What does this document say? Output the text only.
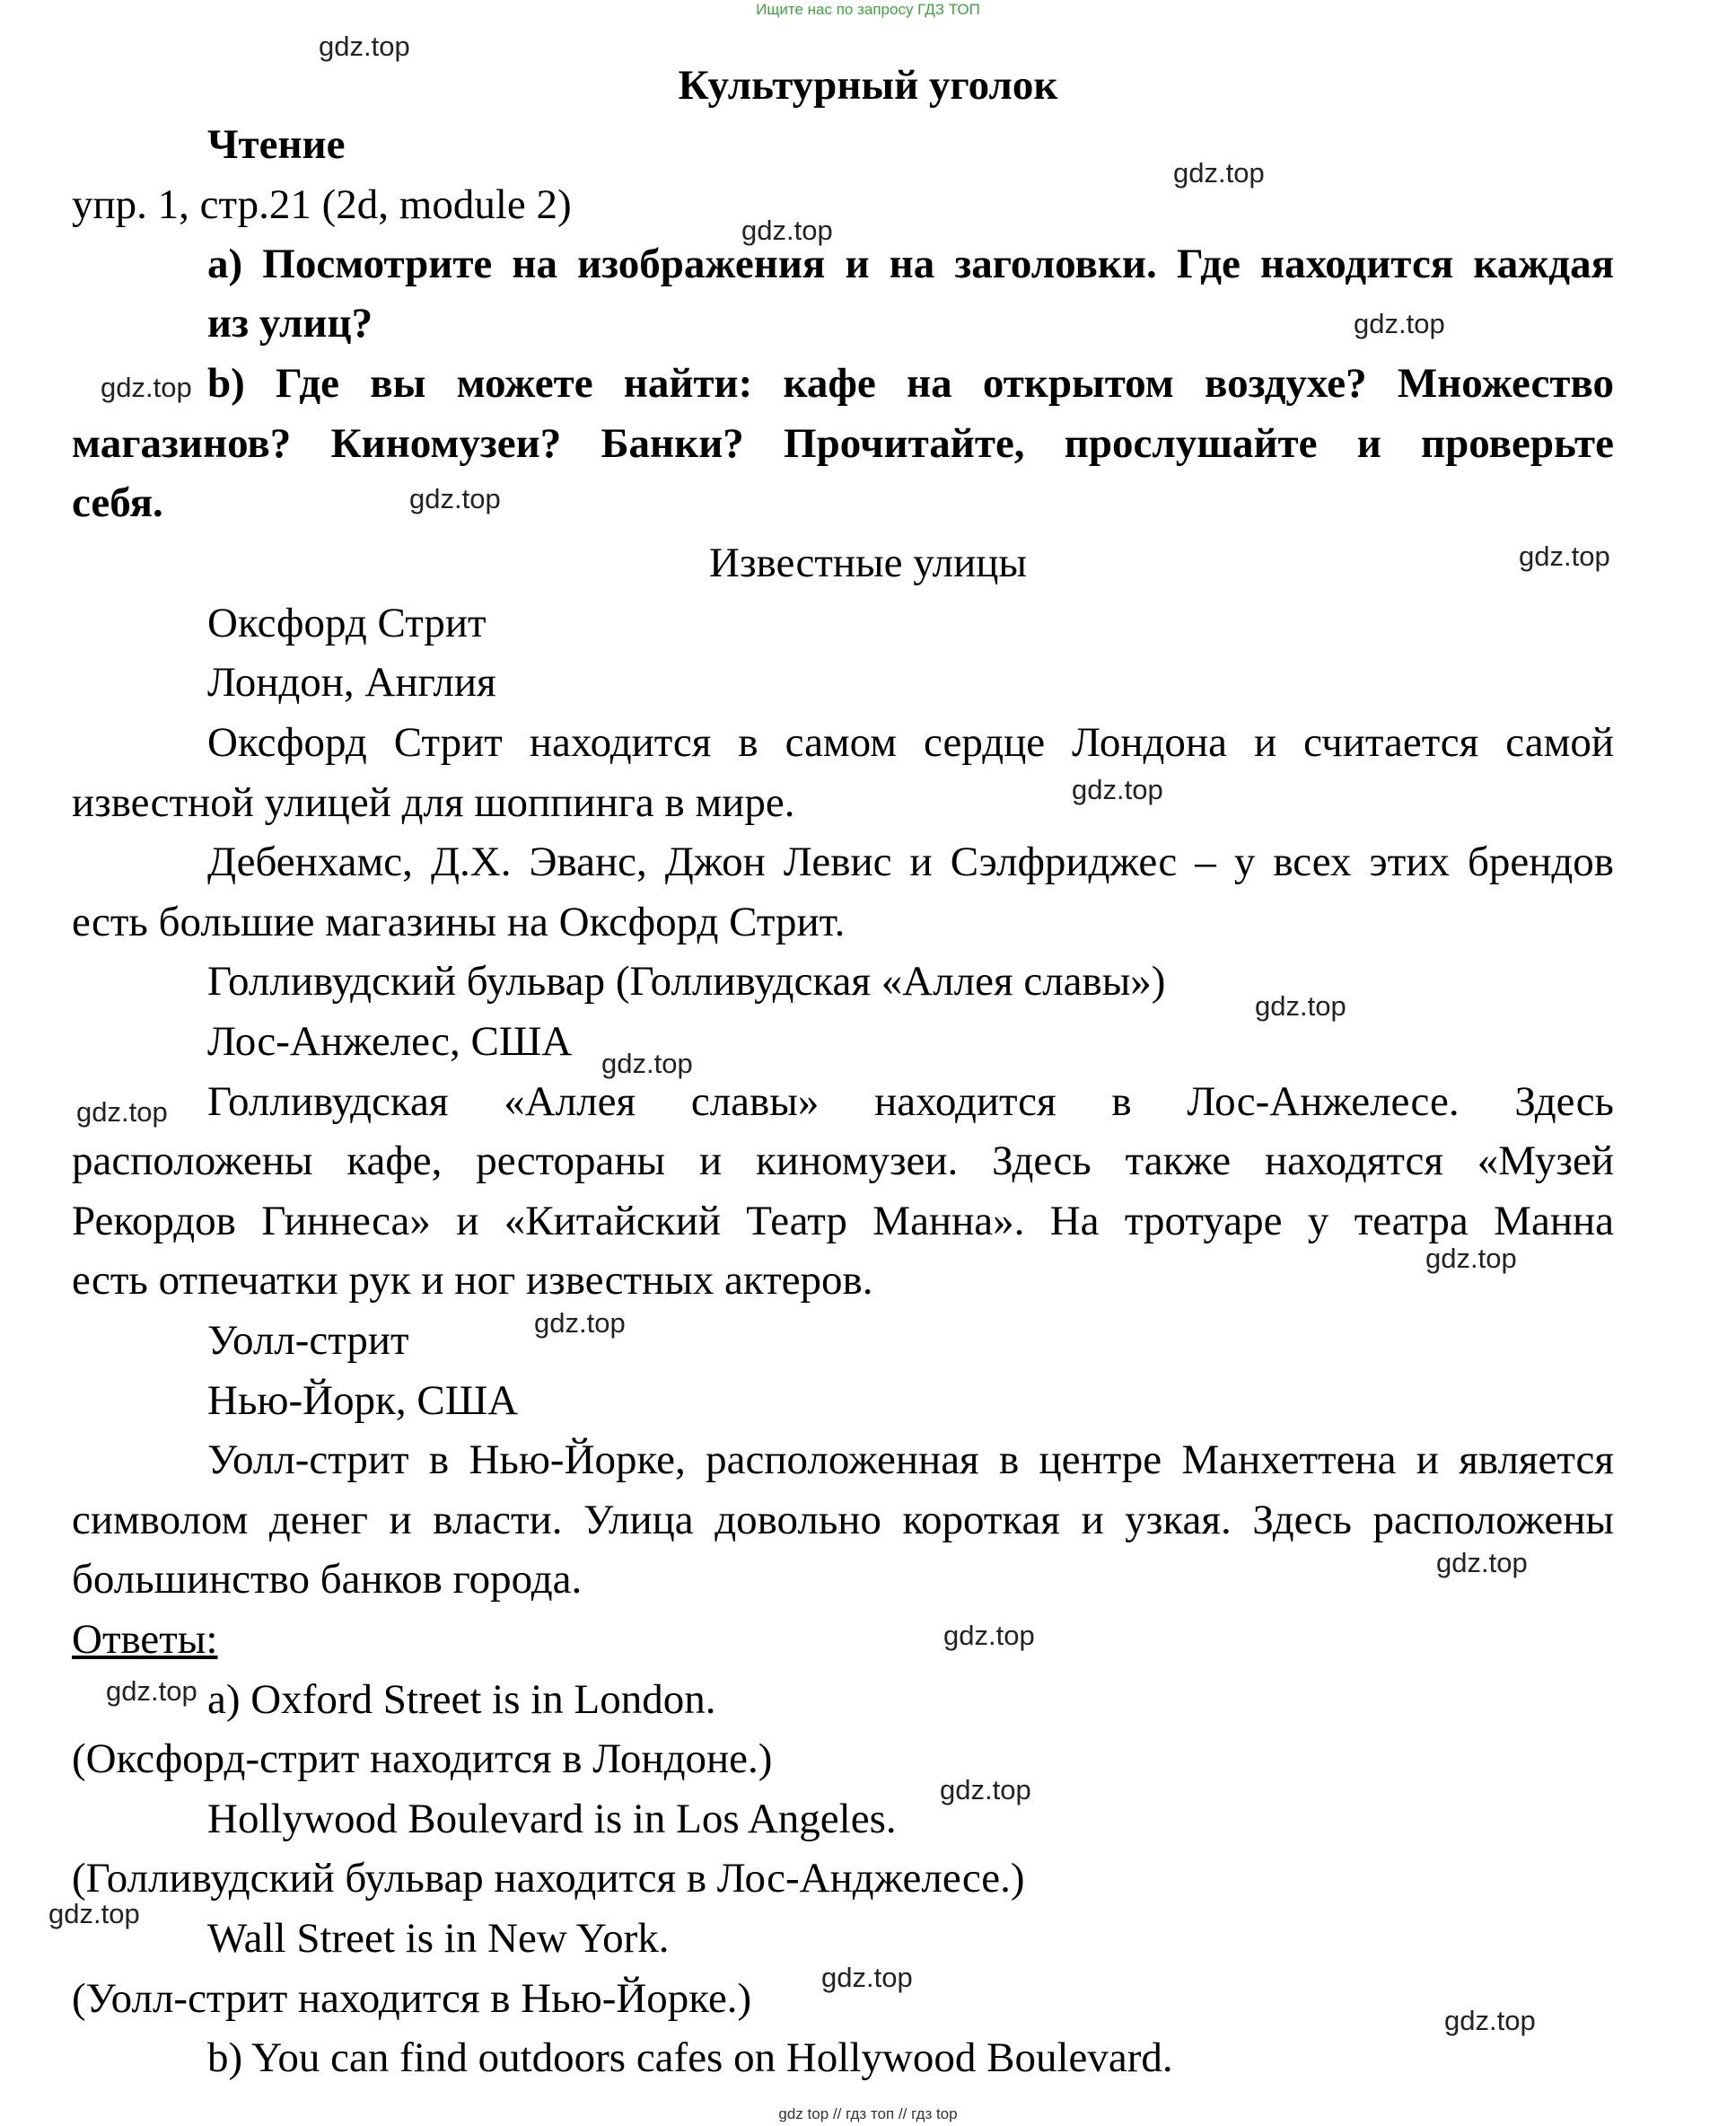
Ищите нас по запросу ГДЗ ТОП
Культурный уголок
Чтение
упр. 1, стр.21 (2d, module 2)
а) Посмотрите на изображения и на заголовки. Где находится каждая
из улиц?
b) Где вы можете найти: кафе на открытом воздухе? Множество
магазинов? Киномузеи? Банки? Прочитайте, прослушайте и проверьте
себя.
Известные улицы
Оксфорд Стрит
Лондон, Англия
Оксфорд Стрит находится в самом сердце Лондона и считается самой
известной улицей для шоппинга в мире.
Дебенхамс, Д.Х. Эванс, Джон Левис и Сэлфриджес – у всех этих брендов
есть большие магазины на Оксфорд Стрит.
Голливудский бульвар (Голливудская «Аллея славы»)
Лос-Анжелес, США
Голливудская «Аллея славы» находится в Лос-Анжелесе. Здесь
расположены кафе, рестораны и киномузеи. Здесь также находятся «Музей
Рекордов Гиннеса» и «Китайский Театр Манна». На тротуаре у театра Манна
есть отпечатки рук и ног известных актеров.
Уолл-стрит
Нью-Йорк, США
Уолл-стрит в Нью-Йорке, расположенная в центре Манхеттена и является
символом денег и власти. Улица довольно короткая и узкая. Здесь расположены
большинство банков города.
Ответы:
а) Oxford Street is in London.
(Оксфорд-стрит находится в Лондоне.)
Hollywood Boulevard is in Los Angeles.
(Голливудский бульвар находится в Лос-Анджелесе.)
Wall Street is in New York.
(Уолл-стрит находится в Нью-Йорке.)
b) You can find outdoors cafes on Hollywood Boulevard.
gdz.top
gdz.top
gdz.top
gdz.top
gdz.top
gdz.top
gdz.top
gdz.top
gdz.top
gdz.top
gdz.top
gdz.top
gdz.top
gdz.top
gdz.top
gdz.top
gdz.top
gdz.top
gdz.top
gdz.top
gdz top // гдз топ // гдз top
